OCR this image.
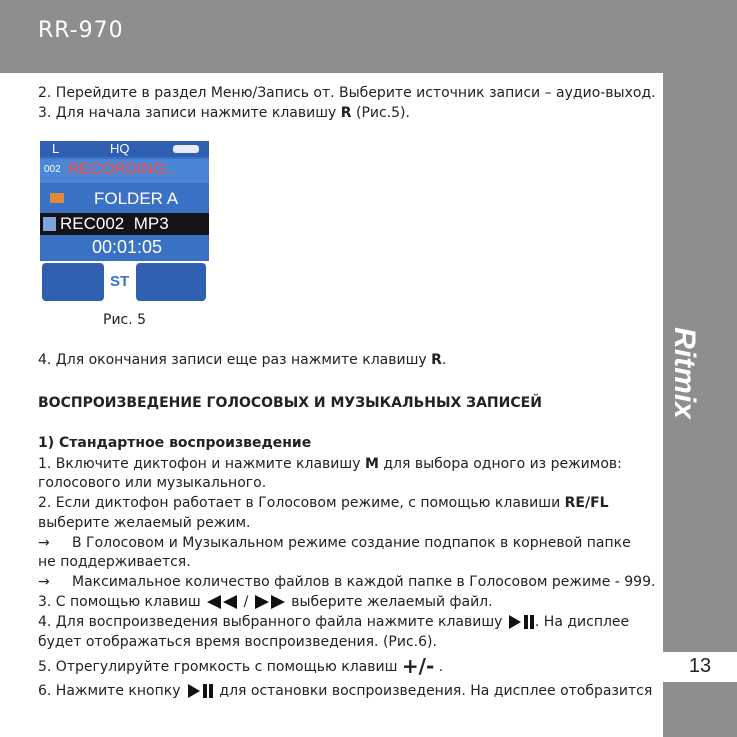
RR-970
Ritmix
13
2. Перейдите в раздел Меню/Запись от. Выберите источник записи – аудио-выход.
3. Для начала записи нажмите клавишу R (Рис.5).
L	HQ
002 RECORDING..
FOLDER A
REC002  MP3
00:01:05
ST
Рис. 5
4. Для окончания записи еще раз нажмите клавишу R.
ВОСПРОИЗВЕДЕНИЕ ГОЛОСОВЫХ И МУЗЫКАЛЬНЫХ ЗАПИСЕЙ
1) Стандартное воспроизведение
1. Включите диктофон и нажмите клавишу M для выбора одного из режимов:
голосового или музыкального.
2. Если диктофон работает в Голосовом режиме, с помощью клавиши RE/FL
выберите желаемый режим.
→ В Голосовом и Музыкальном режиме создание подпапок в корневой папке
не поддерживается.
→ Максимальное количество файлов в каждой папке в Голосовом режиме - 999.
3. С помощью клавиш  /  выберите желаемый файл.
4. Для воспроизведения выбранного файла нажмите клавишу . На дисплее
будет отображаться время воспроизведения. (Рис.6).
5. Отрегулируйте громкость с помощью клавиш +/- .
6. Нажмите кнопку  для остановки воспроизведения. На дисплее отобразится
